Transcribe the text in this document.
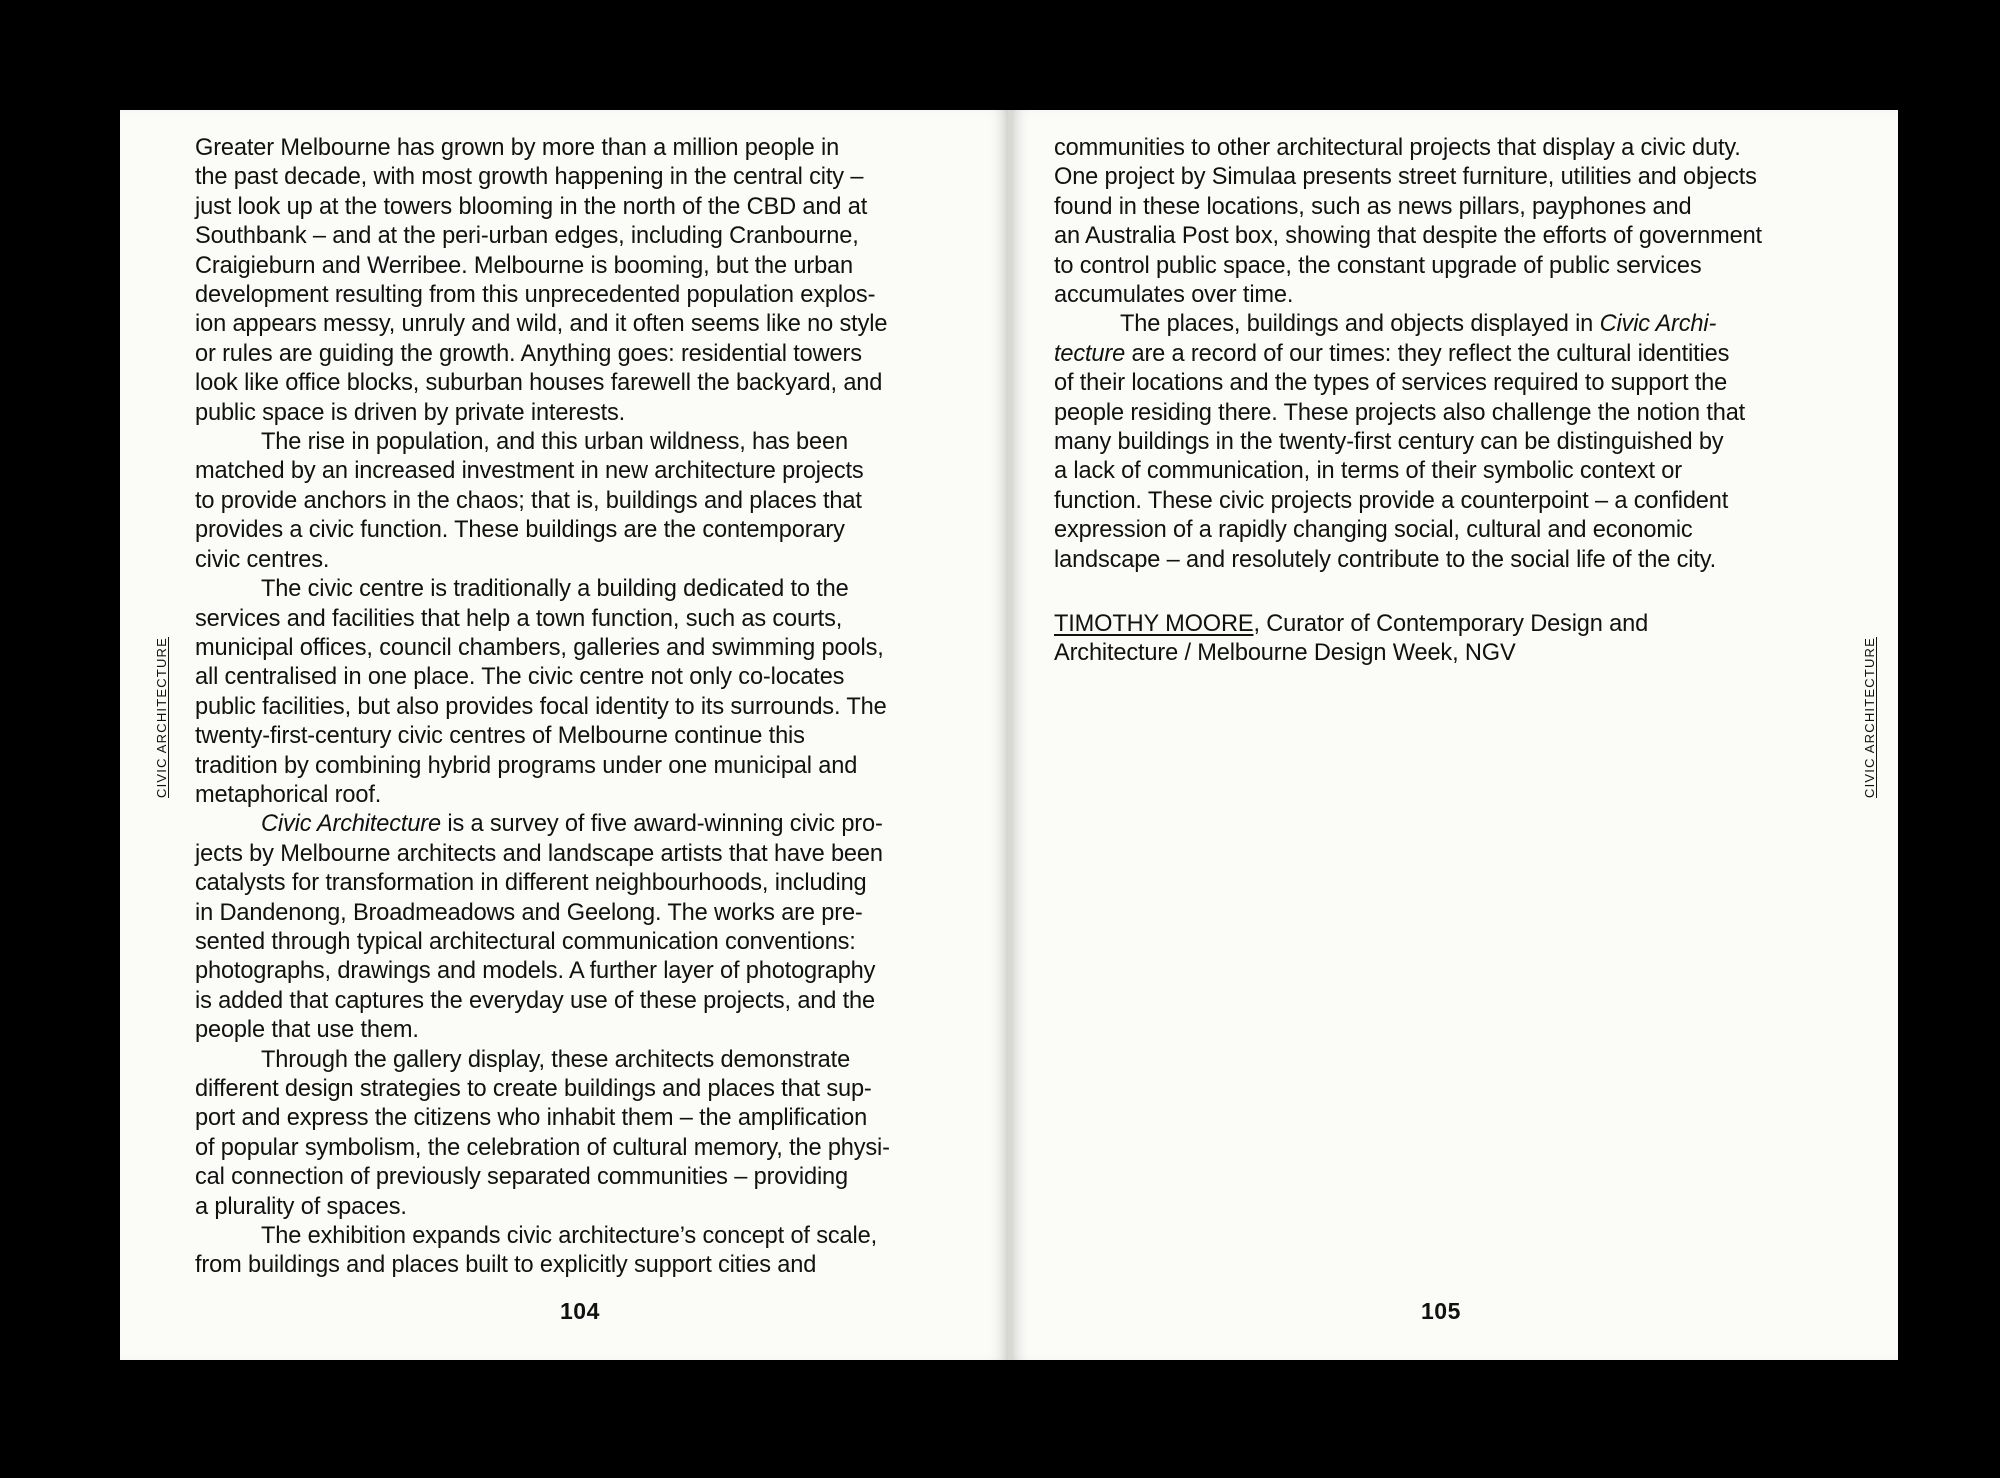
CIVIC ARCHITECTURE	CIVIC ARCHITECTURE
Greater Melbourne has grown by more than a million people in
the past decade, with most growth happening in the central city –
just look up at the towers blooming in the north of the CBD and at
Southbank – and at the peri-urban edges, including Cranbourne,
Craigieburn and Werribee. Melbourne is booming, but the urban
development resulting from this unprecedented population explos-
ion appears messy, unruly and wild, and it often seems like no style
or rules are guiding the growth. Anything goes: residential towers
look like office blocks, suburban houses farewell the backyard, and
public space is driven by private interests.
The rise in population, and this urban wildness, has been
matched by an increased investment in new architecture projects
to provide anchors in the chaos; that is, buildings and places that
provides a civic function. These buildings are the contemporary
civic centres.
The civic centre is traditionally a building dedicated to the
services and facilities that help a town function, such as courts,
municipal offices, council chambers, galleries and swimming pools,
all centralised in one place. The civic centre not only co-locates
public facilities, but also provides focal identity to its surrounds. The
twenty-first-century civic centres of Melbourne continue this
tradition by combining hybrid programs under one municipal and
metaphorical roof.
Civic Architecture is a survey of five award-winning civic pro-
jects by Melbourne architects and landscape artists that have been
catalysts for transformation in different neighbourhoods, including
in Dandenong, Broadmeadows and Geelong. The works are pre-
sented through typical architectural communication conventions:
photographs, drawings and models. A further layer of photography
is added that captures the everyday use of these projects, and the
people that use them.
Through the gallery display, these architects demonstrate
different design strategies to create buildings and places that sup-
port and express the citizens who inhabit them – the amplification
of popular symbolism, the celebration of cultural memory, the physi-
cal connection of previously separated communities – providing
a plurality of spaces.
The exhibition expands civic architecture’s concept of scale,
from buildings and places built to explicitly support cities and
communities to other architectural projects that display a civic duty.
One project by Simulaa presents street furniture, utilities and objects
found in these locations, such as news pillars, payphones and
an Australia Post box, showing that despite the efforts of government
to control public space, the constant upgrade of public services
accumulates over time.
The places, buildings and objects displayed in Civic Archi-
tecture are a record of our times: they reflect the cultural identities
of their locations and the types of services required to support the
people residing there. These projects also challenge the notion that
many buildings in the twenty-first century can be distinguished by
a lack of communication, in terms of their symbolic context or
function. These civic projects provide a counterpoint – a confident
expression of a rapidly changing social, cultural and economic
landscape – and resolutely contribute to the social life of the city.
TIMOTHY MOORE, Curator of Contemporary Design and
Architecture / Melbourne Design Week, NGV
104	105
